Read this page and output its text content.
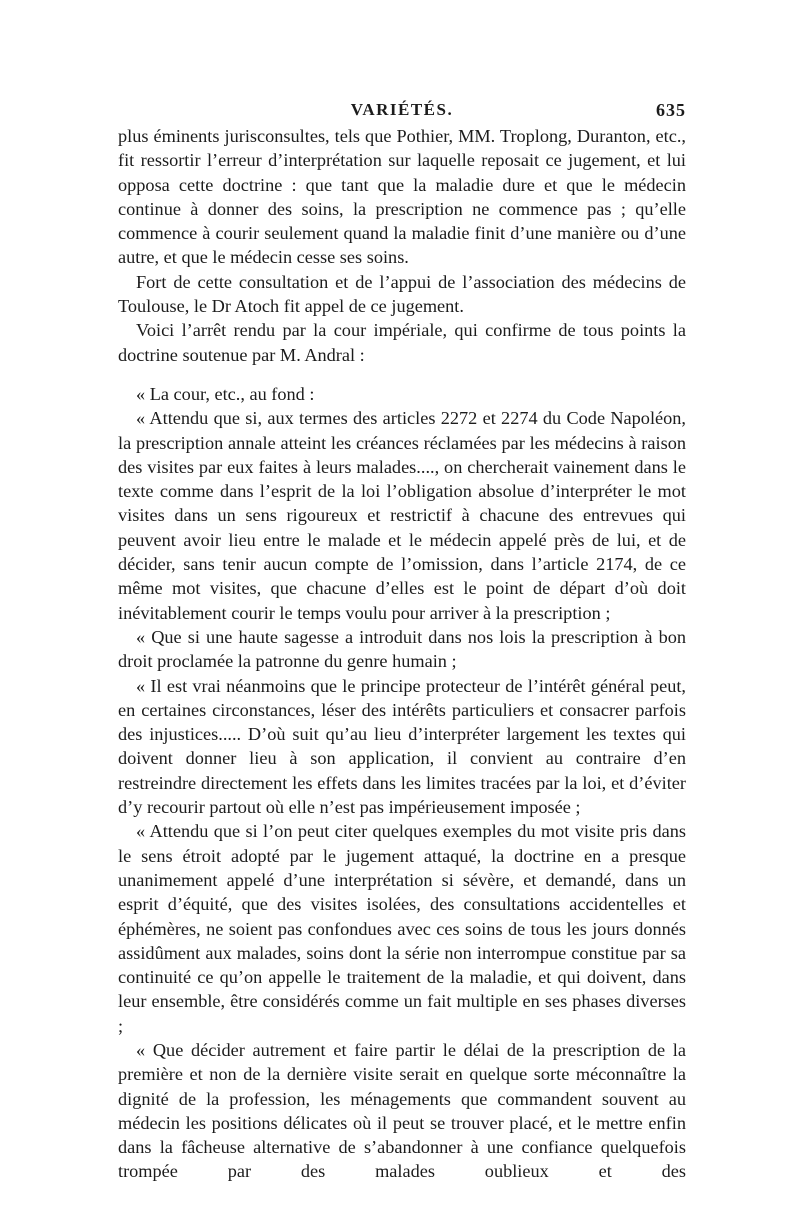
VARIÉTÉS.	635

plus éminents jurisconsultes, tels que Pothier, MM. Troplong, Duranton, etc., fit ressortir l’erreur d’interprétation sur laquelle reposait ce jugement, et lui opposa cette doctrine : que tant que la maladie dure et que le médecin continue à donner des soins, la prescription ne commence pas ; qu’elle commence à courir seulement quand la maladie finit d’une manière ou d’une autre, et que le médecin cesse ses soins.

Fort de cette consultation et de l’appui de l’association des médecins de Toulouse, le Dr Atoch fit appel de ce jugement.

Voici l’arrêt rendu par la cour impériale, qui confirme de tous points la doctrine soutenue par M. Andral :

« La cour, etc., au fond :

« Attendu que si, aux termes des articles 2272 et 2274 du Code Napoléon, la prescription annale atteint les créances réclamées par les médecins à raison des visites par eux faites à leurs malades...., on chercherait vainement dans le texte comme dans l’esprit de la loi l’obligation absolue d’interpréter le mot visites dans un sens rigoureux et restrictif à chacune des entrevues qui peuvent avoir lieu entre le malade et le médecin appelé près de lui, et de décider, sans tenir aucun compte de l’omission, dans l’article 2174, de ce même mot visites, que chacune d’elles est le point de départ d’où doit inévitablement courir le temps voulu pour arriver à la prescription ;

« Que si une haute sagesse a introduit dans nos lois la prescription à bon droit proclamée la patronne du genre humain ;

« Il est vrai néanmoins que le principe protecteur de l’intérêt général peut, en certaines circonstances, léser des intérêts particuliers et consacrer parfois des injustices..... D’où suit qu’au lieu d’interpréter largement les textes qui doivent donner lieu à son application, il convient au contraire d’en restreindre directement les effets dans les limites tracées par la loi, et d’éviter d’y recourir partout où elle n’est pas impérieusement imposée ;

« Attendu que si l’on peut citer quelques exemples du mot visite pris dans le sens étroit adopté par le jugement attaqué, la doctrine en a presque unanimement appelé d’une interprétation si sévère, et demandé, dans un esprit d’équité, que des visites isolées, des consultations accidentelles et éphémères, ne soient pas confondues avec ces soins de tous les jours donnés assidûment aux malades, soins dont la série non interrompue constitue par sa continuité ce qu’on appelle le traitement de la maladie, et qui doivent, dans leur ensemble, être considérés comme un fait multiple en ses phases diverses ;

« Que décider autrement et faire partir le délai de la prescription de la première et non de la dernière visite serait en quelque sorte méconnaître la dignité de la profession, les ménagements que commandent souvent au médecin les positions délicates où il peut se trouver placé, et le mettre enfin dans la fâcheuse alternative de s’abandonner à une confiance quelquefois trompée par des malades oublieux et des
